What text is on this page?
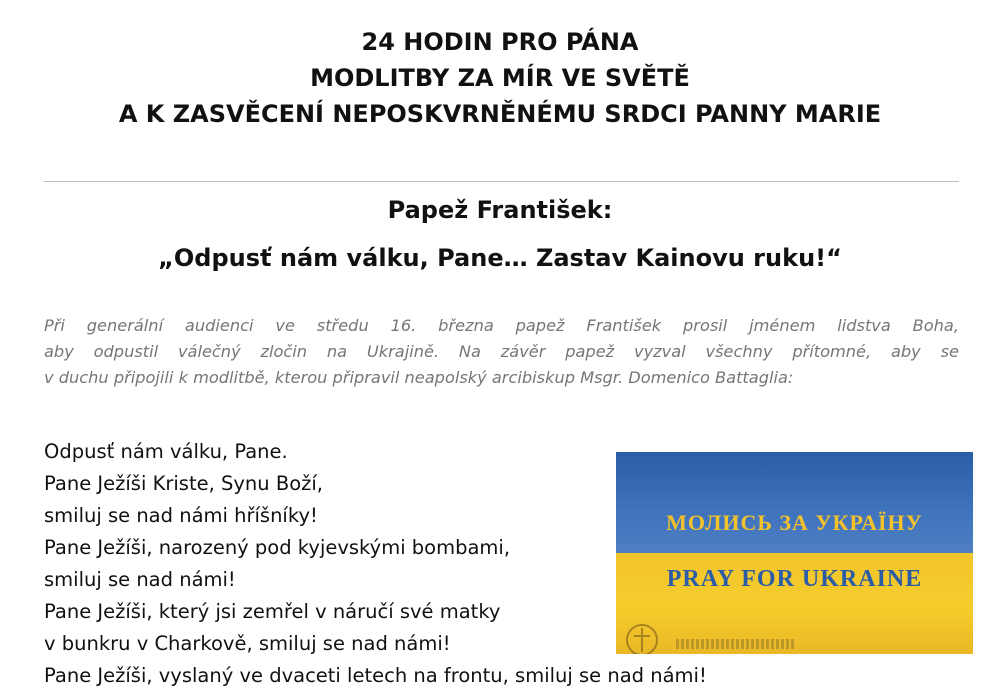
24 HODIN PRO PÁNA
MODLITBY ZA MÍR VE SVĚTĚ
A K ZASVĚCENÍ NEPOSKVRNĚNÉMU SRDCI PANNY MARIE
Papež František:
„Odpusť nám válku, Pane… Zastav Kainovu ruku!“
Při generální audienci ve středu 16. března papež František prosil jménem lidstva Boha,
aby odpustil válečný zločin na Ukrajině. Na závěr papež vyzval všechny přítomné, aby se
v duchu připojili k modlitbě, kterou připravil neapolský arcibiskup Msgr. Domenico Battaglia:
Odpusť nám válku, Pane.
Pane Ježíši Kriste, Synu Boží,
smiluj se nad námi hříšníky!
Pane Ježíši, narozený pod kyjevskými bombami,
smiluj se nad námi!
Pane Ježíši, který jsi zemřel v náručí své matky
v bunkru v Charkově, smiluj se nad námi!
Pane Ježíši, vyslaný ve dvaceti letech na frontu, smiluj se nad námi!
МОЛИСЬ ЗА УКРАЇНУ
PRAY FOR UKRAINE
